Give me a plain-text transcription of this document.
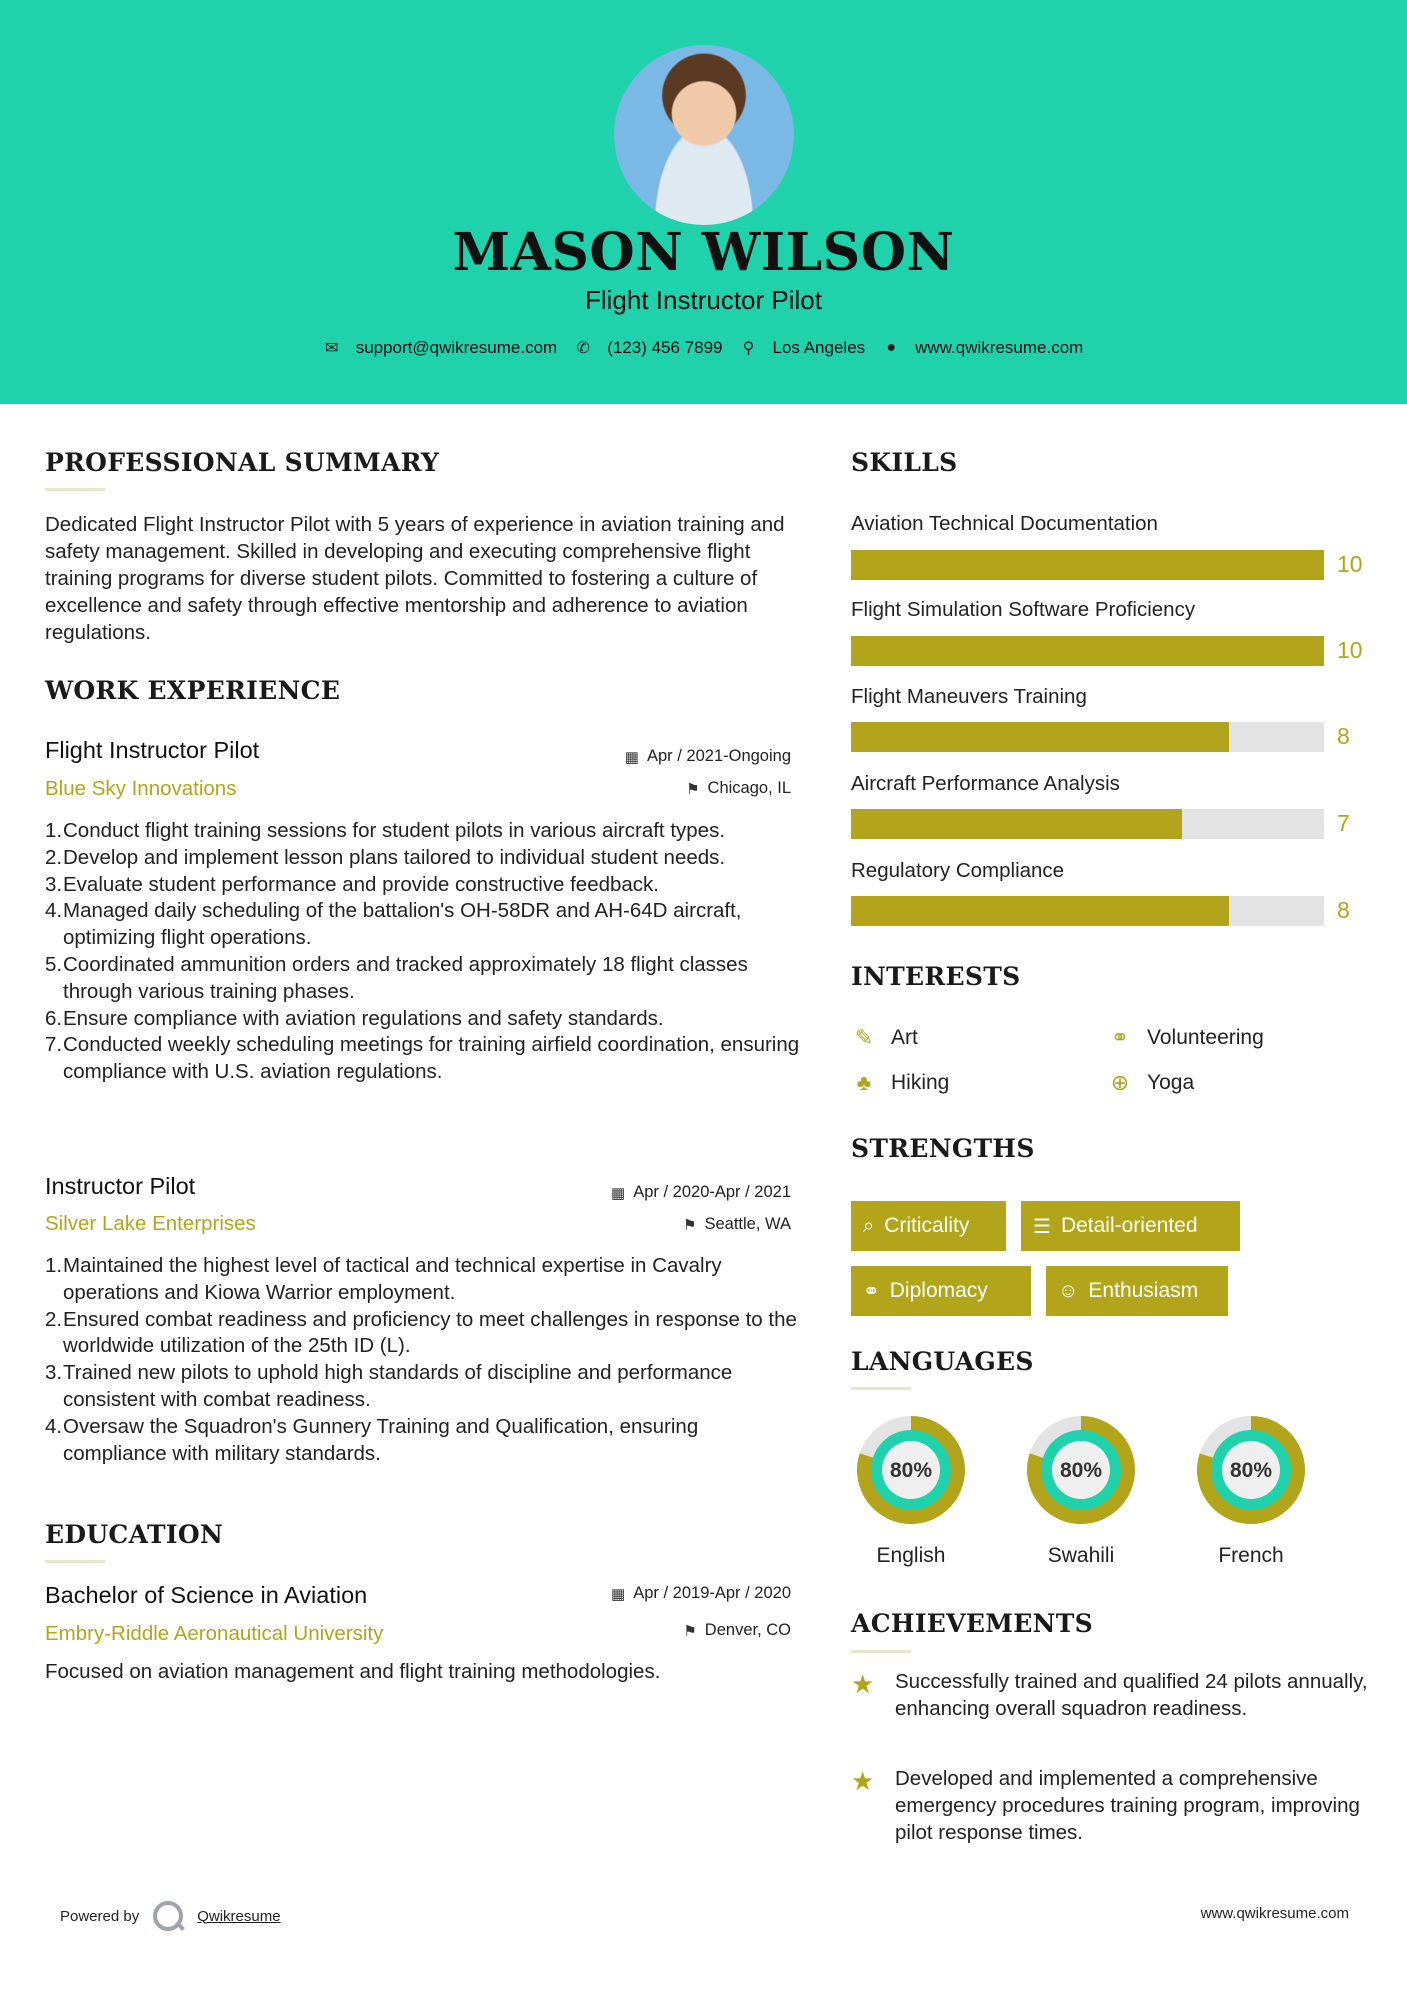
MASON WILSON
Flight Instructor Pilot
✉ support@qwikresume.com ✆ (123) 456 7899 ⚲ Los Angeles ● www.qwikresume.com
PROFESSIONAL SUMMARY
Dedicated Flight Instructor Pilot with 5 years of experience in aviation training and safety management. Skilled in developing and executing comprehensive flight training programs for diverse student pilots. Committed to fostering a culture of excellence and safety through effective mentorship and adherence to aviation regulations.
WORK EXPERIENCE
Flight Instructor Pilot
Blue Sky Innovations
▦ Apr / 2021-Ongoing
⚑ Chicago, IL
Conduct flight training sessions for student pilots in various aircraft types.
Develop and implement lesson plans tailored to individual student needs.
Evaluate student performance and provide constructive feedback.
Managed daily scheduling of the battalion's OH-58DR and AH-64D aircraft, optimizing flight operations.
Coordinated ammunition orders and tracked approximately 18 flight classes through various training phases.
Ensure compliance with aviation regulations and safety standards.
Conducted weekly scheduling meetings for training airfield coordination, ensuring compliance with U.S. aviation regulations.
Instructor Pilot
Silver Lake Enterprises
▦ Apr / 2020-Apr / 2021
⚑ Seattle, WA
Maintained the highest level of tactical and technical expertise in Cavalry operations and Kiowa Warrior employment.
Ensured combat readiness and proficiency to meet challenges in response to the worldwide utilization of the 25th ID (L).
Trained new pilots to uphold high standards of discipline and performance consistent with combat readiness.
Oversaw the Squadron's Gunnery Training and Qualification, ensuring compliance with military standards.
EDUCATION
Bachelor of Science in Aviation
Embry-Riddle Aeronautical University
▦ Apr / 2019-Apr / 2020
⚑ Denver, CO
Focused on aviation management and flight training methodologies.
SKILLS
Aviation Technical Documentation
10
Flight Simulation Software Proficiency
10
Flight Maneuvers Training
8
Aircraft Performance Analysis
7
Regulatory Compliance
8
INTERESTS
✎ Art	⚭ Volunteering
♣ Hiking	⊕ Yoga
STRENGTHS
⌕ Criticality	☰ Detail-oriented
⚭ Diplomacy	☺ Enthusiasm
LANGUAGES
80%
English
80%
Swahili
80%
French
ACHIEVEMENTS
★	Successfully trained and qualified 24 pilots annually, enhancing overall squadron readiness.
★	Developed and implemented a comprehensive emergency procedures training program, improving pilot response times.
Powered by	Qwikresume	www.qwikresume.com
